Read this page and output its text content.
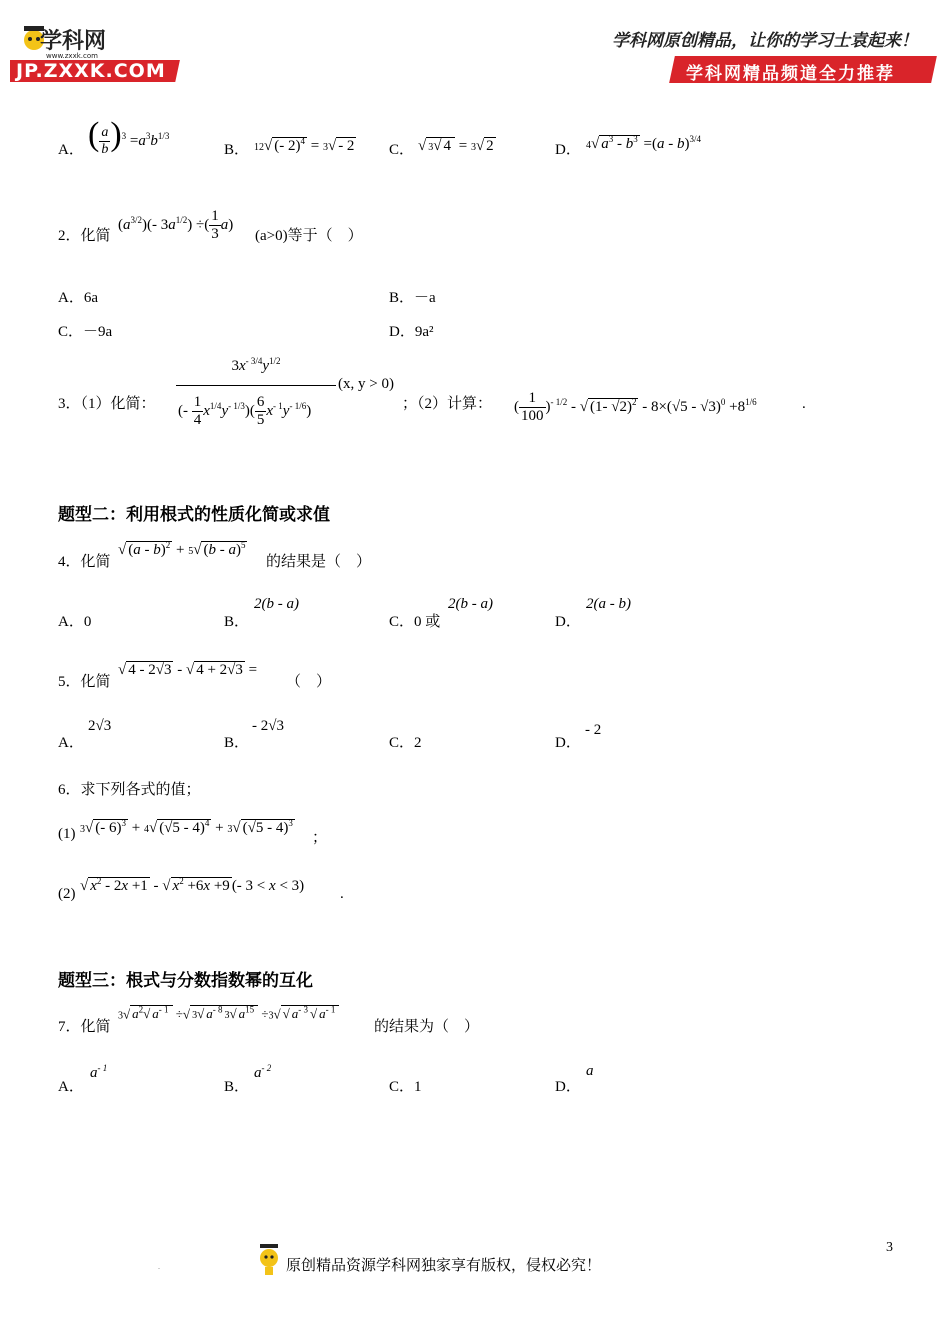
学科网
www.zxxk.com
JP.ZXXK.COM
学科网原创精品，让你的学习士袁起来！
学科网精品频道全力推荐
A． ( $\frac{a}{b} )^3 =a^3b^{1/3}$
B． 12√ (- 2)$^4$ = 3√ - 2 C． √ 3√ 4 = 3√ 2	D． 4√ $a^3 - b^3 =(a - b)^{3/4}$
2．化简
$(a^{3/2})(-$ $3a^{1/2}$) ÷( $\frac{1}{3} a$)
(a>0)等于（　）
A．6a	B．－a
C．－9a	D．9a²
3．（1）化简：
$3x^{- 3/4}y^{1/2}$
(- $\frac{1}{4} x^{1/4}y^{- 1/3})( \frac{6}{5} x^{- 1}y^{- 1/6})$
(x, y > 0)
；（2）计算： ( $\frac{1}{100} )^{- 1/2}$ - √ (1- $√2)^2 - 8\times(√5 - √3)^0 +8^{1/6}$	.
题型二：利用根式的性质化简或求值
4．化简
√ (a - b)$^2$ + 5√ (b - a)$^5$
的结果是（　）
A．0	B．
2(b - a)
C．0 或
2(b - a)
D．
2(a - b)
5．化简
√ 4 - 2√3 - √ 4 + 2√3 =
（　）
A．
2√3
B．
- 2√3
C．2	D．
- 2
6．求下列各式的值；
(1) 3√ (- 6)$^3$ + 4√ (√5 - 4)$^4$ + 3√ (√5 - 4)$^3$
；
(2) √ $x^2 - 2x +1$ - √ $x^2 +6x +9$ (- 3 < x < 3) .
题型三：根式与分数指数幂的互化
7．化简
3√ $a^2√$ $a^{- 1}$ ÷√ 3√ $a^{- 8}3√$ $a^{15} \div 3√$ √ $a^{- 3}$ √ $a^{- 1}$
的结果为（　）
A．
$a^{- 1}$
B．
$a^{- 2}$
C．1	D．
a
.	原创精品资源学科网独家享有版权，侵权必究！
3
